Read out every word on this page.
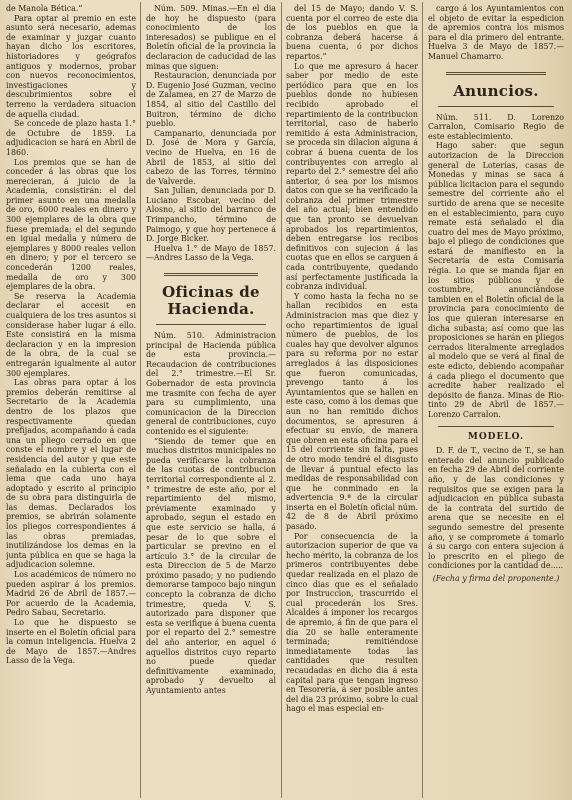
de Manola Bética.”

Para optar al premio en este asunto será necesario, ademas de examinar y juzgar cuanto hayan dicho los escritores, historiadores y geógrafos antiguos y modernos, probar con nuevos reconocimientos, investigaciones y descubrimientos sobre el terreno la verdadera situacion de aquella ciudad.

Se concede de plazo hasta 1.° de Octubre de 1859. La adjudicacion se hará en Abril de 1860.

Los premios que se han de conceder á las obras que los merecieran, á juicio de la Academia, consistirán: el del primer asunto en una medalla de oro, 6000 reales en dinero y 300 ejemplares de la obra que fuese premiada; el del segundo en igual medalla y número de ejemplares y 8000 reales vellon en dinero; y por el tercero se concederán 1200 reales, medalla de oro y 300 ejemplares de la obra.

Se reserva la Academia declarar el accesit en cualquiera de los tres asuntos si considerase haber lugar á ello. Este consistirá en la misma declaracion y en la impresion de la obra, de la cual se entregarán igualmente al autor 300 ejemplares.

Las obras para optar á los premios deberán remitirse al Secretario de la Academia dentro de los plazos que respectivamente quedan prefijados, acompañando á cada una un pliego cerrado en que conste el nombre y el lugar de residencia del autor y que este señalado en la cubierta con el lema que cada uno haya adoptado y escrito al principio de su obra para distinguirla de las demas. Declarados los premios, se abrirán solamente los pliegos correspondientes á las obras premiadas, inutilizándose los demas en la junta pública en que se haga la adjudicacion solemne.

Los académicos de número no pueden aspirar á los premios. Madrid 26 de Abril de 1857.—Por acuerdo de la Academia, Pedro Sabau, Secretario.

Lo que he dispuesto se inserte en el Boletín oficial para la comun inteligencia. Huelva 2 de Mayo de 1857.—Andres Lasso de la Vega.

Núm. 509. Minas.—En el dia de hoy he dispuesto (para conocimiento de los interesados) se publique en el Boletín oficial de la provincia la declaracion de caducidad de las minas que siguen:

Restauracion, denunciada por D. Eugenio José Guzman, vecino de Zalamea, en 27 de Marzo de 1854, al sitio del Castillo del Buitron, término de dicho pueblo.

Campanario, denunciada por D. José de Mora y García, vecino de Huelva, en 16 de Abril de 1853, al sitio del cabezo de las Torres, término de Valverde.

San Julian, denunciada por D. Luciano Escobar, vecino del Alosno, al sitio del barranco de Trimpancho, término de Paimogo, y que hoy pertenece á D. Jorge Bicker.

Huelva 1.° de Mayo de 1857.—Andres Lasso de la Vega.

Oficinas de Hacienda.

Núm. 510. Administracion principal de Hacienda pública de esta provincia.—Recaudacion de contribuciones del 2.° trimestre.—El Sr. Gobernador de esta provincia me trasmite con fecha de ayer para su cumplimiento, una comunicacion de la Direccion general de contribuciones, cuyo contenido es el siguiente:

“Siendo de temer que en muchos distritos municipales no pueda verificarse la cobranza de las cuotas de contribucion territorial correspondiente al 2.° trimestre de este año, por el repartimiento del mismo, préviamente examinado y aprobado, segun el estado en que este servicio se halla, á pesar de lo que sobre el particular se previno en el artículo 3.° de la circular de esta Direccion de 5 de Marzo próximo pasado; y no pudiendo demorarse tampoco bajo ningun concepto la cobranza de dicho trimestre, queda V. S. autorizado para disponer que esta se verifique á buena cuenta por el reparto del 2.° semestre del año anterior, en aquel ó aquellos distritos cuyo reparto no puede quedar definitivamente examinado, aprobado y devuelto al Ayuntamiento antes

del 15 de Mayo; dando V. S. cuenta por el correo de este dia de los pueblos en que la cobranza deberá hacerse á buena cuenta, ó por dichos repartos.”

Lo que me apresuro á hacer saber por medio de este periódico para que en los pueblos donde no hubiesen recibido aprobado el repartimiento de la contribucion territorial, caso de haberlo remitido á esta Administracion, se proceda sin dilacion alguna á cobrar á buena cuenta de los contribuyentes con arreglo al reparto del 2.° semestre del año anterior, ó sea por los mismos datos con que se ha verificado la cobranza del primer trimestre del año actual; bien entendido que tan pronto se devuelvan aprobados los repartimientos, deben entregarse los recibos definitivos con sujecion á las cuotas que en ellos se carguen á cada contribuyente, quedando así perfectamente justificada la cobranza individual.

Y como hasta la fecha no se hallan recibidos en esta Administracion mas que diez y ocho repartimientos de igual número de pueblos, de los cuales hay que devolver algunos para su reforma por no estar arreglados á las disposiciones que fueron comunicadas, prevengo tanto á los Ayuntamientos que se hallen en este caso, como á los demas que aun no han remitido dichos documentos, se apresuren á efectuar su envío, de manera que obren en esta oficina para el 15 del corriente sin falta, pues de otro modo tendré el disgusto de llevar á puntual efecto las medidas de responsabilidad con que he conminado en la advertencia 9.ª de la circular inserta en el Boletín oficial núm. 42 de 8 de Abril próximo pasado.

Por consecuencia de la autorizacion superior de que va hecho mérito, la cobranza de los primeros contribuyentes debe quedar realizada en el plazo de cinco dias que es el señalado por Instruccion, trascurrido el cual procederán los Sres. Alcaldes á imponer los recargos de apremio, á fin de que para el dia 20 se halle enteramente terminada; remitiéndose inmediatamente todas las cantidades que resulten recaudadas en dicho dia á esta capital para que tengan ingreso en Tesorería, á ser posible antes del dia 23 próximo, sobre lo cual hago el mas especial en-

cargo á los Ayuntamientos con el objeto de evitar la espedicion de apremios contra los mismos para el dia primero del entrante. Huelva 3 de Mayo de 1857.—Manuel Chamarro.

Anuncios.

Núm. 511. D. Lorenzo Carralon, Comisario Regio de este establecimiento.

Hago saber: que segun autorizacion de la Direccion general de Loterías, casas de Monedas y minas se saca á pública licitacion para el segundo semestre del corriente año el surtido de arena que se necesite en el establecimiento, para cuyo remate está señalado el dia cuatro del mes de Mayo próximo, bajo el pliego de condiciones que estará de manifiesto en la Secretaría de esta Comisaría régia. Lo que se manda fijar en los sitios públicos y de costumbre, anunciándose tambien en el Boletín oficial de la provincia para conocimiento de los que quieran interesarse en dicha subasta; así como que las proposiciones se harán en pliegos cerrados literalmente arreglados al modelo que se verá al final de este edicto, debiendo acompañar á cada pliego el documento que acredite haber realizado el depósito de fianza. Minas de Rio-tinto 29 de Abril de 1857.—Lorenzo Carralon.

MODELO.

D. F. de T., vecino de T., se han enterado del anuncio publicado en fecha 29 de Abril del corriente año, y de las condiciones y requisitos que se exigen para la adjudicacion en pública subasta de la contrata del surtido de arena que se necesite en el segundo semestre del presente año, y se compromete á tomarlo á su cargo con entera sujecion á lo prescrito en el pliego de condiciones por la cantidad de.....

(Fecha y firma del proponente.)
